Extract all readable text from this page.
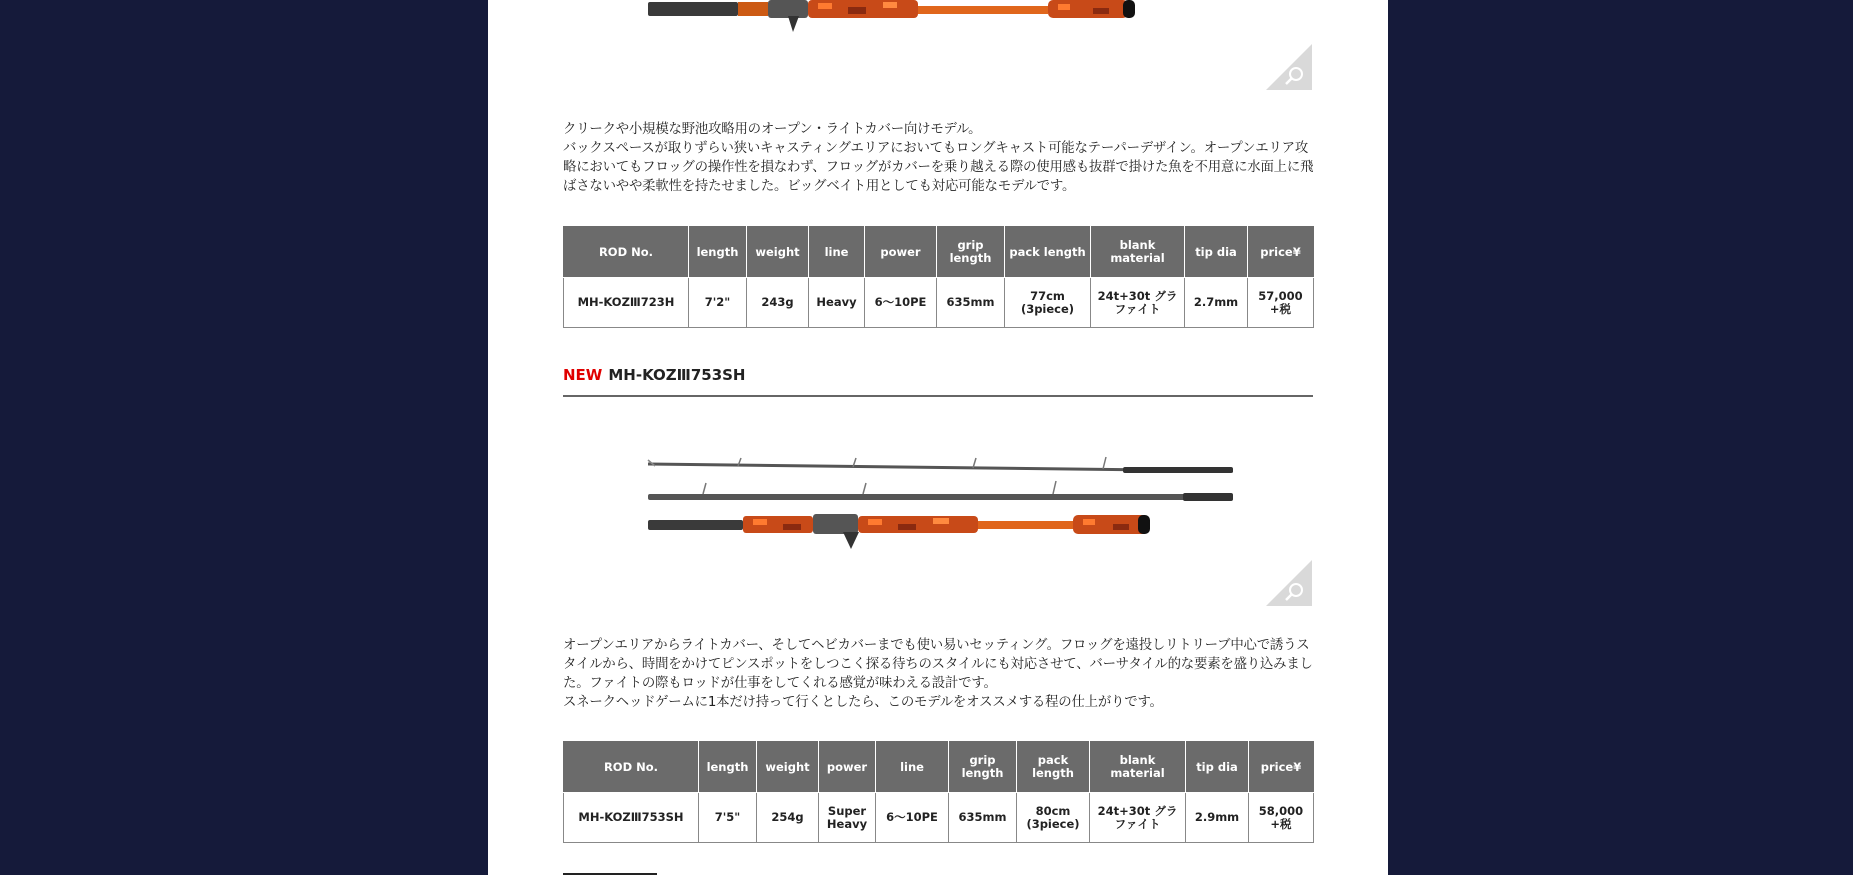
クリークや小規模な野池攻略用のオープン・ライトカバー向けモデル。

バックスペースが取りずらい狭いキャスティングエリアにおいてもロングキャスト可能なテーパーデザイン。オープンエリア攻略においてもフロッグの操作性を損なわず、フロッグがカバーを乗り越える際の使用感も抜群で掛けた魚を不用意に水面上に飛ばさないやや柔軟性を持たせました。ビッグベイト用としても対応可能なモデルです。

ROD No.	length	weight	line	power	grip length	pack length	blank material	tip dia	price¥
MH-KOZⅢ723H	7'2"	243g	Heavy	6～10PE	635mm	77cm (3piece)	24t+30t グラファイト	2.7mm	57,000 +税
NEW MH-KOZⅢ753SH

オープンエリアからライトカバー、そしてヘビカバーまでも使い易いセッティング。フロッグを遠投しリトリーブ中心で誘うスタイルから、時間をかけてピンスポットをしつこく探る待ちのスタイルにも対応させて、バーサタイル的な要素を盛り込みました。ファイトの際もロッドが仕事をしてくれる感覚が味わえる設計です。

スネークヘッドゲームに1本だけ持って行くとしたら、このモデルをオススメする程の仕上がりです。

ROD No.	length	weight	power	line	grip length	pack length	blank material	tip dia	price¥
MH-KOZⅢ753SH	7'5"	254g	Super Heavy	6～10PE	635mm	80cm (3piece)	24t+30t グラファイト	2.9mm	58,000 +税
